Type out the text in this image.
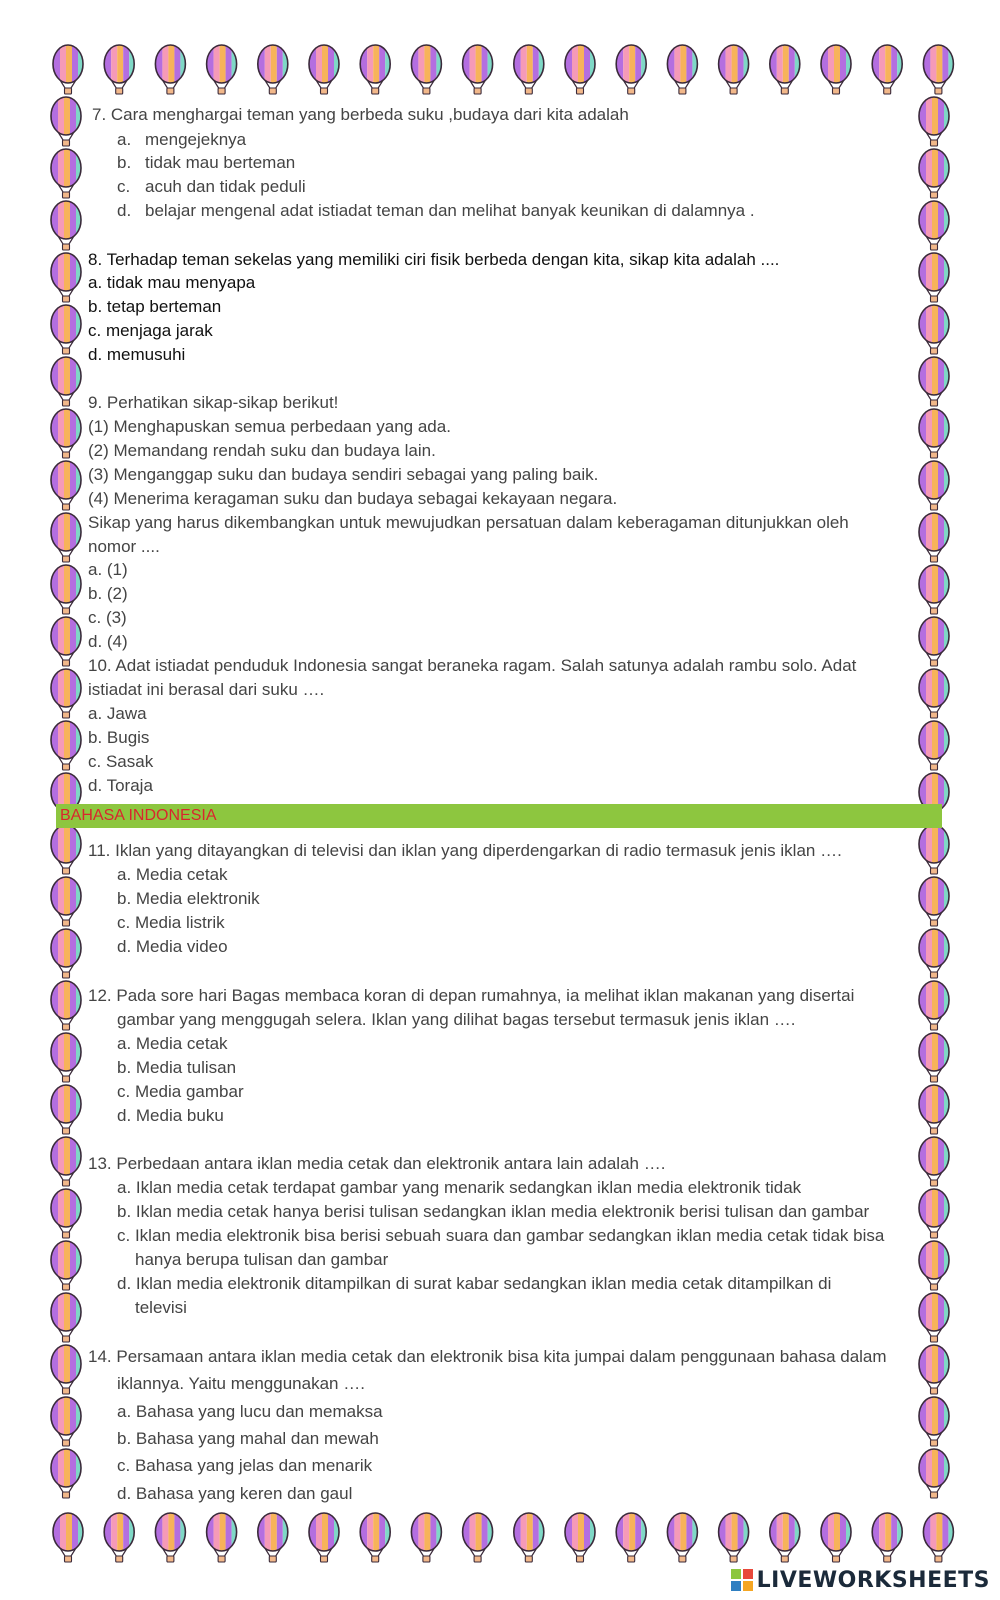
7. Cara menghargai teman yang berbeda suku ,budaya dari kita adalah
a. mengejeknya
b. tidak mau berteman
c. acuh dan tidak peduli
d. belajar mengenal adat istiadat teman dan melihat banyak keunikan di dalamnya .
8. Terhadap teman sekelas yang memiliki ciri fisik berbeda dengan kita, sikap kita adalah ....
a. tidak mau menyapa
b. tetap berteman
c. menjaga jarak
d. memusuhi
9. Perhatikan sikap-sikap berikut!
(1) Menghapuskan semua perbedaan yang ada.
(2) Memandang rendah suku dan budaya lain.
(3) Menganggap suku dan budaya sendiri sebagai yang paling baik.
(4) Menerima keragaman suku dan budaya sebagai kekayaan negara.
Sikap yang harus dikembangkan untuk mewujudkan persatuan dalam keberagaman ditunjukkan oleh
nomor ....
a. (1)
b. (2)
c. (3)
d. (4)
10. Adat istiadat penduduk Indonesia sangat beraneka ragam. Salah satunya adalah rambu solo. Adat
istiadat ini berasal dari suku ….
a. Jawa
b. Bugis
c. Sasak
d. Toraja
11. Iklan yang ditayangkan di televisi dan iklan yang diperdengarkan di radio termasuk jenis iklan ….
a. Media cetak
b. Media elektronik
c. Media listrik
d. Media video
12. Pada sore hari Bagas membaca koran di depan rumahnya, ia melihat iklan makanan yang disertai
gambar yang menggugah selera. Iklan yang dilihat bagas tersebut termasuk jenis iklan ….
a. Media cetak
b. Media tulisan
c. Media gambar
d. Media buku
13. Perbedaan antara iklan media cetak dan elektronik antara lain adalah ….
a. Iklan media cetak terdapat gambar yang menarik sedangkan iklan media elektronik tidak
b. Iklan media cetak hanya berisi tulisan sedangkan iklan media elektronik berisi tulisan dan gambar
c. Iklan media elektronik bisa berisi sebuah suara dan gambar sedangkan iklan media cetak tidak bisa
hanya berupa tulisan dan gambar
d. Iklan media elektronik ditampilkan di surat kabar sedangkan iklan media cetak ditampilkan di
televisi
14. Persamaan antara iklan media cetak dan elektronik bisa kita jumpai dalam penggunaan bahasa dalam
iklannya. Yaitu menggunakan ….
a. Bahasa yang lucu dan memaksa
b. Bahasa yang mahal dan mewah
c. Bahasa yang jelas dan menarik
d. Bahasa yang keren dan gaul
BAHASA INDONESIA
LIVEWORKSHEETS
